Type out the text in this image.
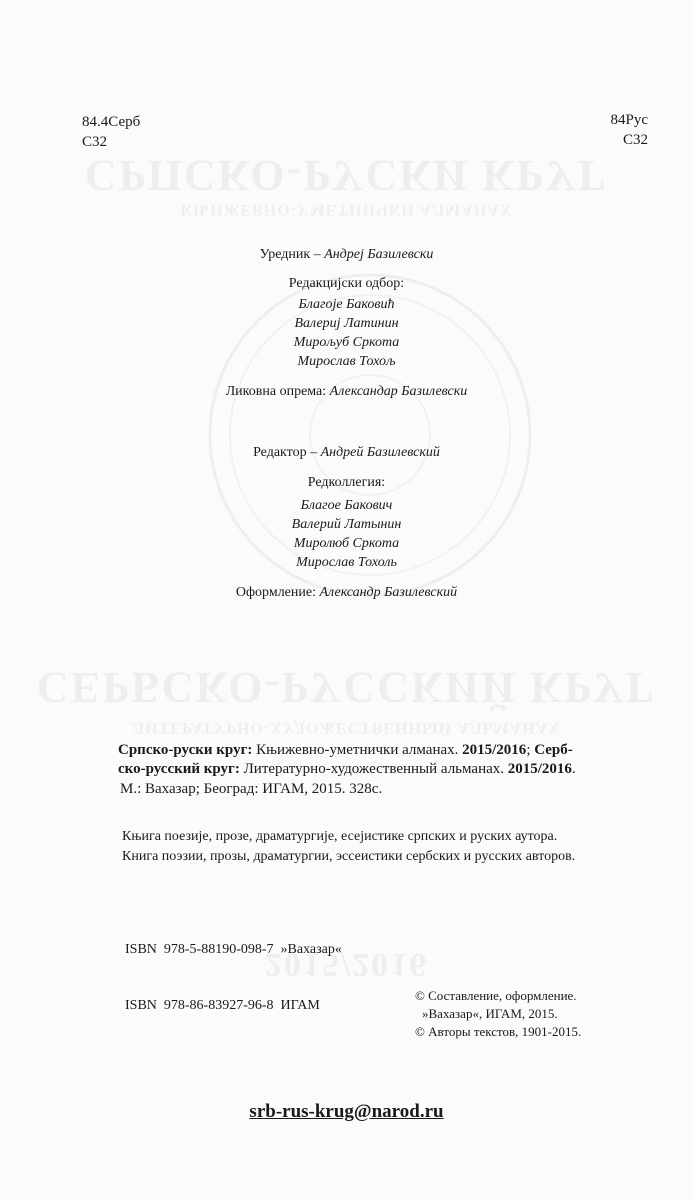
СРПСКО-РУСКИ КРУГ
КЊИЖЕВНО-УМЕТНИЧКИ АЛМАНАХ
СЕРБСКО-РУССКИЙ КРУГ
ЛИТЕРАТУРНО-ХУДОЖЕСТВЕННЫЙ АЛЬМАНАХ
2015/2016
84.4Серб
С32
84Рус
С32
Уредник – Андреј Базилевски
Редакцијски одбор:
Благоје Баковић
Валериј Латинин
Мирољуб Сркота
Мирослав Тохољ
Ликовна опрема: Александар Базилевски
Редактор – Андрей Базилевский
Редколлегия:
Благое Бакович
Валерий Латынин
Миролюб Сркота
Мирослав Тохоль
Оформление: Александр Базилевский
Српско-руски круг: Књижевно-уметнички алманах. 2015/2016; Серб-
ско-русский круг: Литературно-художественный альманах. 2015/2016.
М.: Вахазар; Београд: ИГАМ, 2015. 328с.
Књига поезије, прозе, драматургије, есејистике српских и руских аутора.
Книга поэзии, прозы, драматургии, эссеистики сербских и русских авторов.

ISBN  978-5-88190-098-7  »Вахазар«

ISBN  978-86-83927-96-8  ИГАМ

© Составление, оформление.
»Вахазар«, ИГАМ, 2015.
© Авторы текстов, 1901-2015.
srb-rus-krug@narod.ru
